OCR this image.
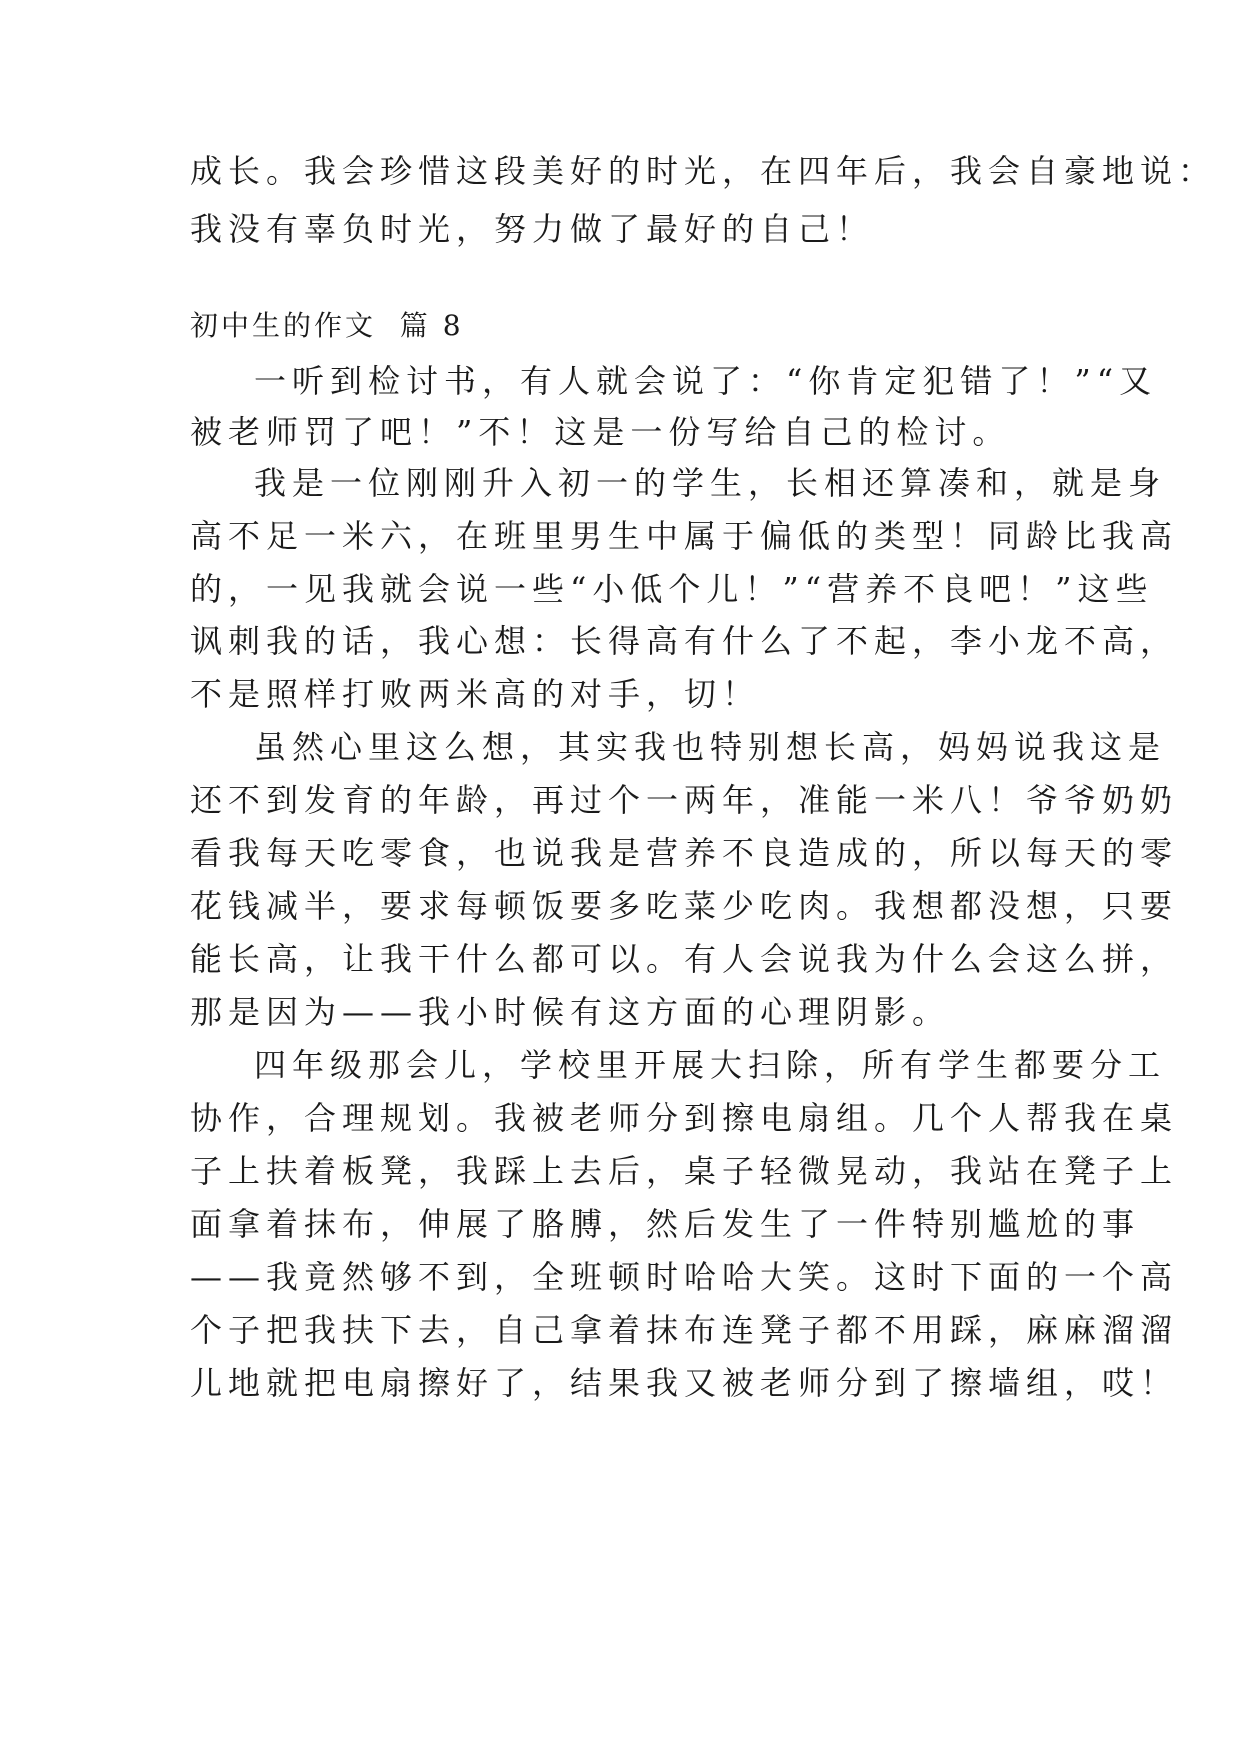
成长。我会珍惜这段美好的时光，在四年后，我会自豪地说：
我没有辜负时光，努力做了最好的自己！
初中生的作文  篇 8
一听到检讨书，有人就会说了：“你肯定犯错了！”“又
被老师罚了吧！”不！这是一份写给自己的检讨。
我是一位刚刚升入初一的学生，长相还算凑和，就是身
高不足一米六，在班里男生中属于偏低的类型！同龄比我高
的，一见我就会说一些“小低个儿！”“营养不良吧！”这些
讽刺我的话，我心想：长得高有什么了不起，李小龙不高，
不是照样打败两米高的对手，切！
虽然心里这么想，其实我也特别想长高，妈妈说我这是
还不到发育的年龄，再过个一两年，准能一米八！爷爷奶奶
看我每天吃零食，也说我是营养不良造成的，所以每天的零
花钱减半，要求每顿饭要多吃菜少吃肉。我想都没想，只要
能长高，让我干什么都可以。有人会说我为什么会这么拼，
那是因为——我小时候有这方面的心理阴影。
四年级那会儿，学校里开展大扫除，所有学生都要分工
协作，合理规划。我被老师分到擦电扇组。几个人帮我在桌
子上扶着板凳，我踩上去后，桌子轻微晃动，我站在凳子上
面拿着抹布，伸展了胳膊，然后发生了一件特别尴尬的事
——我竟然够不到，全班顿时哈哈大笑。这时下面的一个高
个子把我扶下去，自己拿着抹布连凳子都不用踩，麻麻溜溜
儿地就把电扇擦好了，结果我又被老师分到了擦墙组，哎！
